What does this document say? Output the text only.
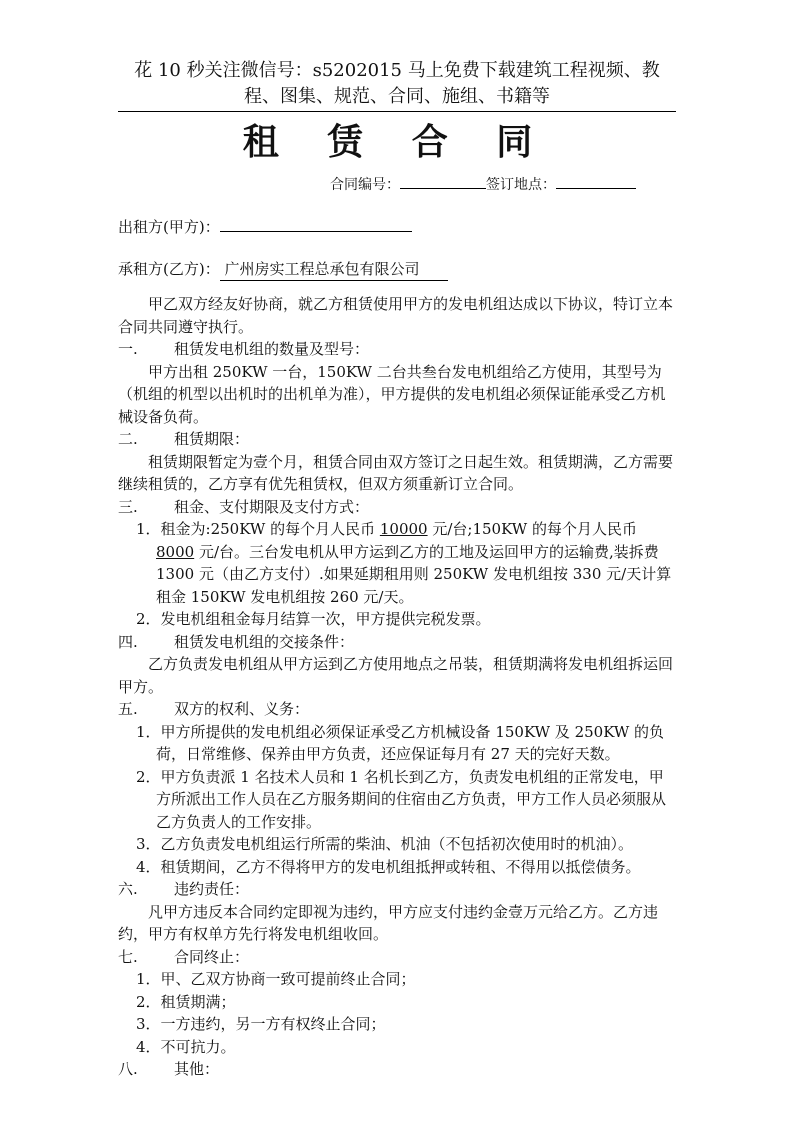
花 10 秒关注微信号：s5202015 马上免费下载建筑工程视频、教
程、图集、规范、合同、施组、书籍等
租 赁 合 同
合同编号：	签订地点：
出租方(甲方)：
承租方(乙方)： 广州房实工程总承包有限公司

甲乙双方经友好协商，就乙方租赁使用甲方的发电机组达成以下协议，特订立本合同共同遵守执行。

一. 租赁发电机组的数量及型号：

甲方出租 250KW 一台，150KW 二台共叁台发电机组给乙方使用，其型号为（机组的机型以出机时的出机单为准），甲方提供的发电机组必须保证能承受乙方机械设备负荷。

二. 租赁期限：

租赁期限暂定为壹个月，租赁合同由双方签订之日起生效。租赁期满，乙方需要继续租赁的，乙方享有优先租赁权，但双方须重新订立合同。

三. 租金、支付期限及支付方式：

1．租金为:250KW 的每个月人民币 10000 元/台;150KW 的每个月人民币 8000 元/台。三台发电机从甲方运到乙方的工地及运回甲方的运输费,装拆费 1300 元（由乙方支付）.如果延期租用则 250KW 发电机组按 330 元/天计算租金 150KW 发电机组按 260 元/天。

2．发电机组租金每月结算一次，甲方提供完税发票。

四. 租赁发电机组的交接条件：

乙方负责发电机组从甲方运到乙方使用地点之吊装，租赁期满将发电机组拆运回甲方。

五. 双方的权利、义务：

1．甲方所提供的发电机组必须保证承受乙方机械设备 150KW 及 250KW 的负荷，日常维修、保养由甲方负责，还应保证每月有 27 天的完好天数。

2．甲方负责派 1 名技术人员和 1 名机长到乙方，负责发电机组的正常发电，甲方所派出工作人员在乙方服务期间的住宿由乙方负责，甲方工作人员必须服从乙方负责人的工作安排。

3．乙方负责发电机组运行所需的柴油、机油（不包括初次使用时的机油）。

4．租赁期间，乙方不得将甲方的发电机组抵押或转租、不得用以抵偿债务。

六. 违约责任：

凡甲方违反本合同约定即视为违约，甲方应支付违约金壹万元给乙方。乙方违约，甲方有权单方先行将发电机组收回。

七. 合同终止：

1．甲、乙双方协商一致可提前终止合同；

2．租赁期满；

3．一方违约，另一方有权终止合同；

4．不可抗力。

八. 其他：
